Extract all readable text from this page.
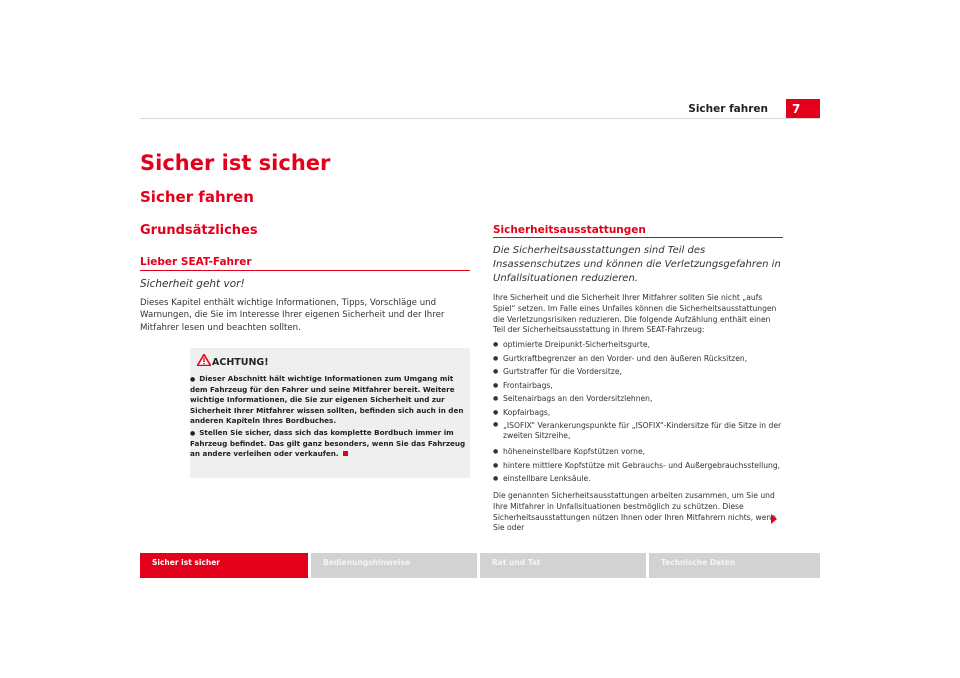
Sicher fahren	7
Sicher ist sicher
Sicher fahren
Grundsätzliches
Lieber SEAT-Fahrer
Sicherheit geht vor!

Dieses Kapitel enthält wichtige Informationen, Tipps, Vorschläge und Warnungen, die Sie im Interesse Ihrer eigenen Sicherheit und der Ihrer Mitfahrer lesen und beachten sollten.

ACHTUNG!
● Dieser Abschnitt hält wichtige Informationen zum Umgang mit dem Fahrzeug für den Fahrer und seine Mitfahrer bereit. Weitere wichtige Informationen, die Sie zur eigenen Sicherheit und zur Sicherheit Ihrer Mitfahrer wissen sollten, befinden sich auch in den anderen Kapiteln Ihres Bordbuches.
● Stellen Sie sicher, dass sich das komplette Bordbuch immer im Fahrzeug befindet. Das gilt ganz besonders, wenn Sie das Fahrzeug an andere verleihen oder verkaufen.
Sicherheitsausstattungen
Die Sicherheitsausstattungen sind Teil des Insassenschutzes und können die Verletzungsgefahren in Unfallsituationen reduzieren.

Ihre Sicherheit und die Sicherheit Ihrer Mitfahrer sollten Sie nicht „aufs Spiel“ setzen. Im Falle eines Unfalles können die Sicherheitsausstattungen die Verletzungsrisiken reduzieren. Die folgende Aufzählung enthält einen Teil der Sicherheitsausstattung in Ihrem SEAT-Fahrzeug:

● optimierte Dreipunkt-Sicherheitsgurte,
● Gurtkraftbegrenzer an den Vorder- und den äußeren Rücksitzen,
● Gurtstraffer für die Vordersitze,
● Frontairbags,
● Seitenairbags an den Vordersitzlehnen,
● Kopfairbags,
● „ISOFIX“ Verankerungspunkte für „ISOFIX“-Kindersitze für die Sitze in der zweiten Sitzreihe,
● höheneinstellbare Kopfstützen vorne,
● hintere mittlere Kopfstütze mit Gebrauchs- und Außergebrauchsstellung,
● einstellbare Lenksäule.

Die genannten Sicherheitsausstattungen arbeiten zusammen, um Sie und Ihre Mitfahrer in Unfallsituationen bestmöglich zu schützen. Diese Sicherheitsausstattungen nützen Ihnen oder Ihren Mitfahrern nichts, wenn Sie oder

Sicher ist sicher	Bedienungshinweise	Rat und Tat	Technische Daten
